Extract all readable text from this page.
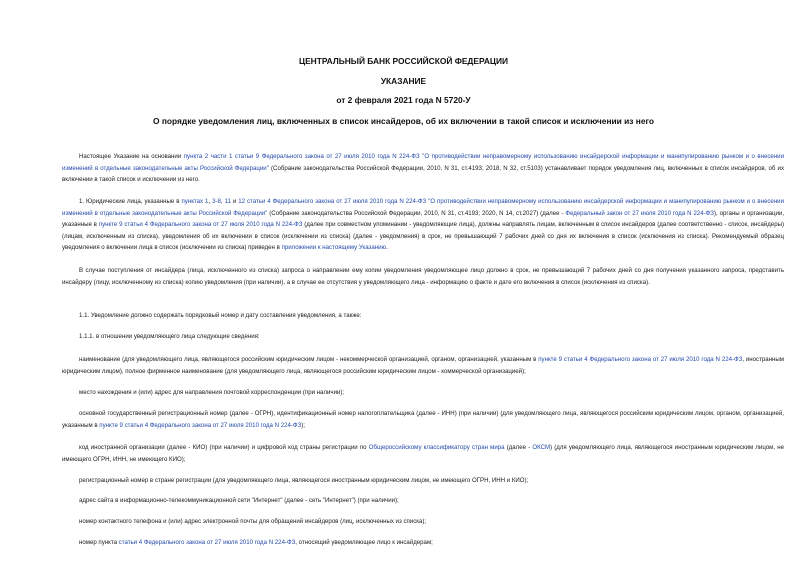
ЦЕНТРАЛЬНЫЙ БАНК РОССИЙСКОЙ ФЕДЕРАЦИИ
УКАЗАНИЕ
от 2 февраля 2021 года N 5720-У
О порядке уведомления лиц, включенных в список инсайдеров, об их включении в такой список и исключении из него
Настоящее Указание на основании пункта 2 части 1 статьи 9 Федерального закона от 27 июля 2010 года N 224-ФЗ "О противодействии неправомерному использованию инсайдерской информации и манипулированию рынком и о внесении изменений в отдельные законодательные акты Российской Федерации" (Собрание законодательства Российской Федерации, 2010, N 31, ст.4193; 2018, N 32, ст.5103) устанавливает порядок уведомления лиц, включенных в список инсайдеров, об их включении в такой список и исключении из него.
1. Юридические лица, указанные в пунктах 1, 3-8, 11 и 12 статьи 4 Федерального закона от 27 июля 2010 года N 224-ФЗ "О противодействии неправомерному использованию инсайдерской информации и манипулированию рынком и о внесении изменений в отдельные законодательные акты Российской Федерации" (Собрание законодательства Российской Федерации, 2010, N 31, ст.4193; 2020, N 14, ст.2027) (далее - Федеральный закон от 27 июля 2010 года N 224-ФЗ), органы и организации, указанные в пункте 9 статьи 4 Федерального закона от 27 июля 2010 года N 224-ФЗ (далее при совместном упоминании - уведомляющие лица), должны направлять лицам, включенным в список инсайдеров (далее соответственно - список, инсайдеры) (лицам, исключенным из списка), уведомления об их включении в список (исключении из списка) (далее - уведомления) в срок, не превышающий 7 рабочих дней со дня их включения в список (исключения из списка). Рекомендуемый образец уведомления о включении лица в список (исключении из списка) приведен в приложении к настоящему Указанию.
В случае поступления от инсайдера (лица, исключенного из списка) запроса о направлении ему копии уведомления уведомляющее лицо должно в срок, не превышающий 7 рабочих дней со дня получения указанного запроса, представить инсайдеру (лицу, исключенному из списка) копию уведомления (при наличии), а в случае ее отсутствия у уведомляющего лица - информацию о факте и дате его включения в список (исключения из списка).
1.1. Уведомление должно содержать порядковый номер и дату составления уведомления, а также:
1.1.1. в отношении уведомляющего лица следующие сведения:
наименование (для уведомляющего лица, являющегося российским юридическим лицом - некоммерческой организацией, органом, организацией, указанным в пункте 9 статьи 4 Федерального закона от 27 июля 2010 года N 224-ФЗ, иностранным юридическим лицом), полное фирменное наименование (для уведомляющего лица, являющегося российским юридическим лицом - коммерческой организацией);
место нахождения и (или) адрес для направления почтовой корреспонденции (при наличии);
основной государственный регистрационный номер (далее - ОГРН), идентификационный номер налогоплательщика (далее - ИНН) (при наличии) (для уведомляющего лица, являющегося российским юридическим лицом, органом, организацией, указанным в пункте 9 статьи 4 Федерального закона от 27 июля 2010 года N 224-ФЗ);
код иностранной организации (далее - КИО) (при наличии) и цифровой код страны регистрации по Общероссийскому классификатору стран мира (далее - ОКСМ) (для уведомляющего лица, являющегося иностранным юридическим лицом, не имеющего ОГРН, ИНН, не имеющего КИО);
регистрационный номер в стране регистрации (для уведомляющего лица, являющегося иностранным юридическим лицом, не имеющего ОГРН, ИНН и КИО);
адрес сайта в информационно-телекоммуникационной сети "Интернет" (далее - сеть "Интернет") (при наличии);
номер контактного телефона и (или) адрес электронной почты для обращений инсайдеров (лиц, исключенных из списка);
номер пункта статьи 4 Федерального закона от 27 июля 2010 года N 224-ФЗ, относящий уведомляющее лицо к инсайдерам;
